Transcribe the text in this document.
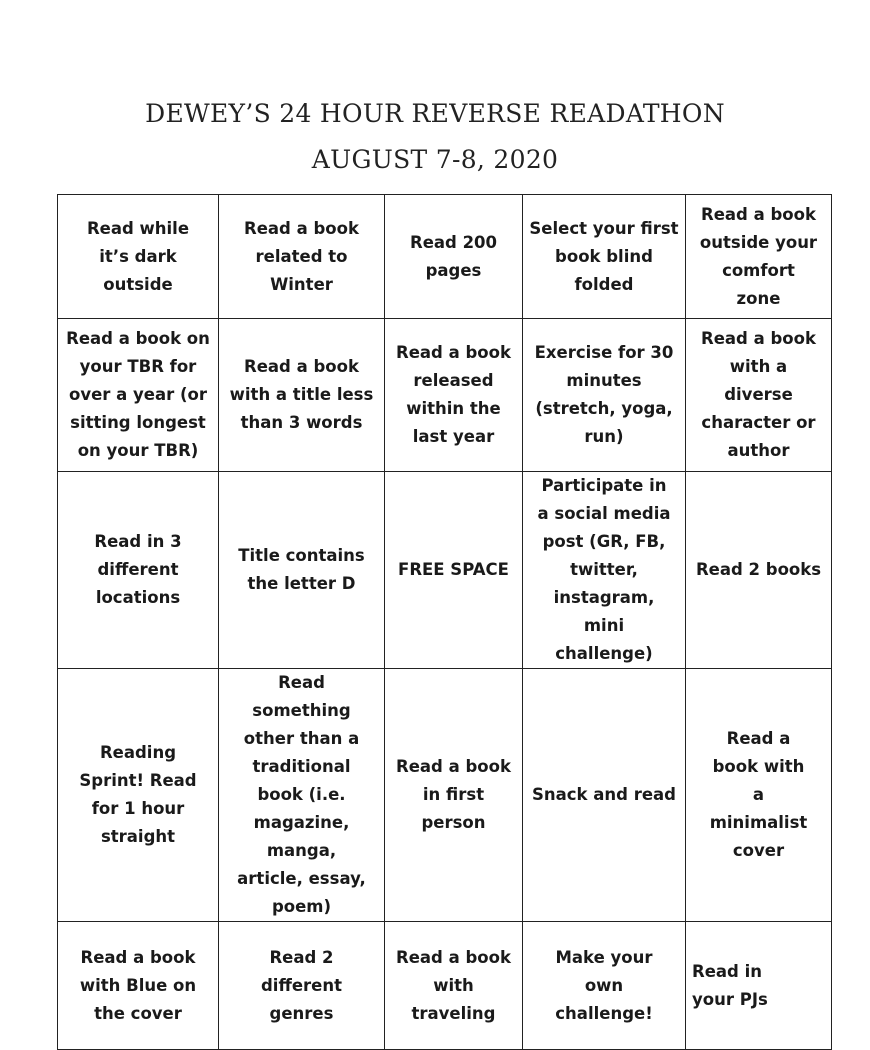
DEWEY’S 24 HOUR REVERSE READATHON
AUGUST 7-8, 2020
Read while it’s dark outside	Read a book related to Winter	Read 200 pages	Select your first book blind folded	Read a book outside your comfort zone
Read a book on your TBR for over a year (or sitting longest on your TBR)	Read a book with a title less than 3 words	Read a book released within the last year	Exercise for 30 minutes (stretch, yoga, run)	Read a book with a diverse character or author
Read in 3 different locations	Title contains the letter D	FREE SPACE	Participate in a social media post (GR, FB, twitter, instagram, mini challenge)	Read 2 books
Reading Sprint! Read for 1 hour straight	Read something other than a traditional book (i.e. magazine, manga, article, essay, poem)	Read a book in first person	Snack and read	Read a book with a minimalist cover
Read a book with Blue on the cover	Read 2 different genres	Read a book with traveling	Make your own challenge!	Read in your PJs
